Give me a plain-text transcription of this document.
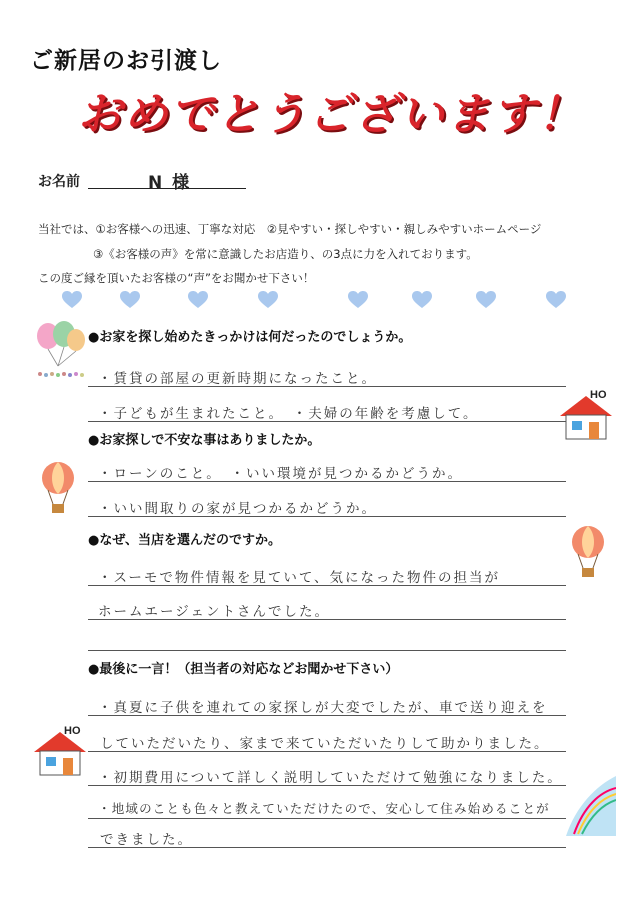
ご新居のお引渡し
おめでとうございます！
お名前	N 様
当社では、①お客様への迅速、丁寧な対応　②見やすい・探しやすい・親しみやすいホームページ
③《お客様の声》を常に意識したお店造り、の3点に力を入れております。
この度ご縁を頂いたお客様の“声”をお聞かせ下さい！
HO
HO
●お家を探し始めたきっかけは何だったのでしょうか。
・賃貸の部屋の更新時期になったこと。
・子どもが生まれたこと。　・夫婦の年齢を考慮して。
●お家探しで不安な事はありましたか。
・ローンのこと。　・いい環境が見つかるかどうか。
・いい間取りの家が見つかるかどうか。
●なぜ、当店を選んだのですか。
・スーモで物件情報を見ていて、気になった物件の担当が
ホームエージェントさんでした。
●最後に一言！（担当者の対応などお聞かせ下さい）
・真夏に子供を連れての家探しが大変でしたが、車で送り迎えを
していただいたり、家まで来ていただいたりして助かりました。
・初期費用について詳しく説明していただけて勉強になりました。
・地域のことも色々と教えていただけたので、安心して住み始めることが
できました。
